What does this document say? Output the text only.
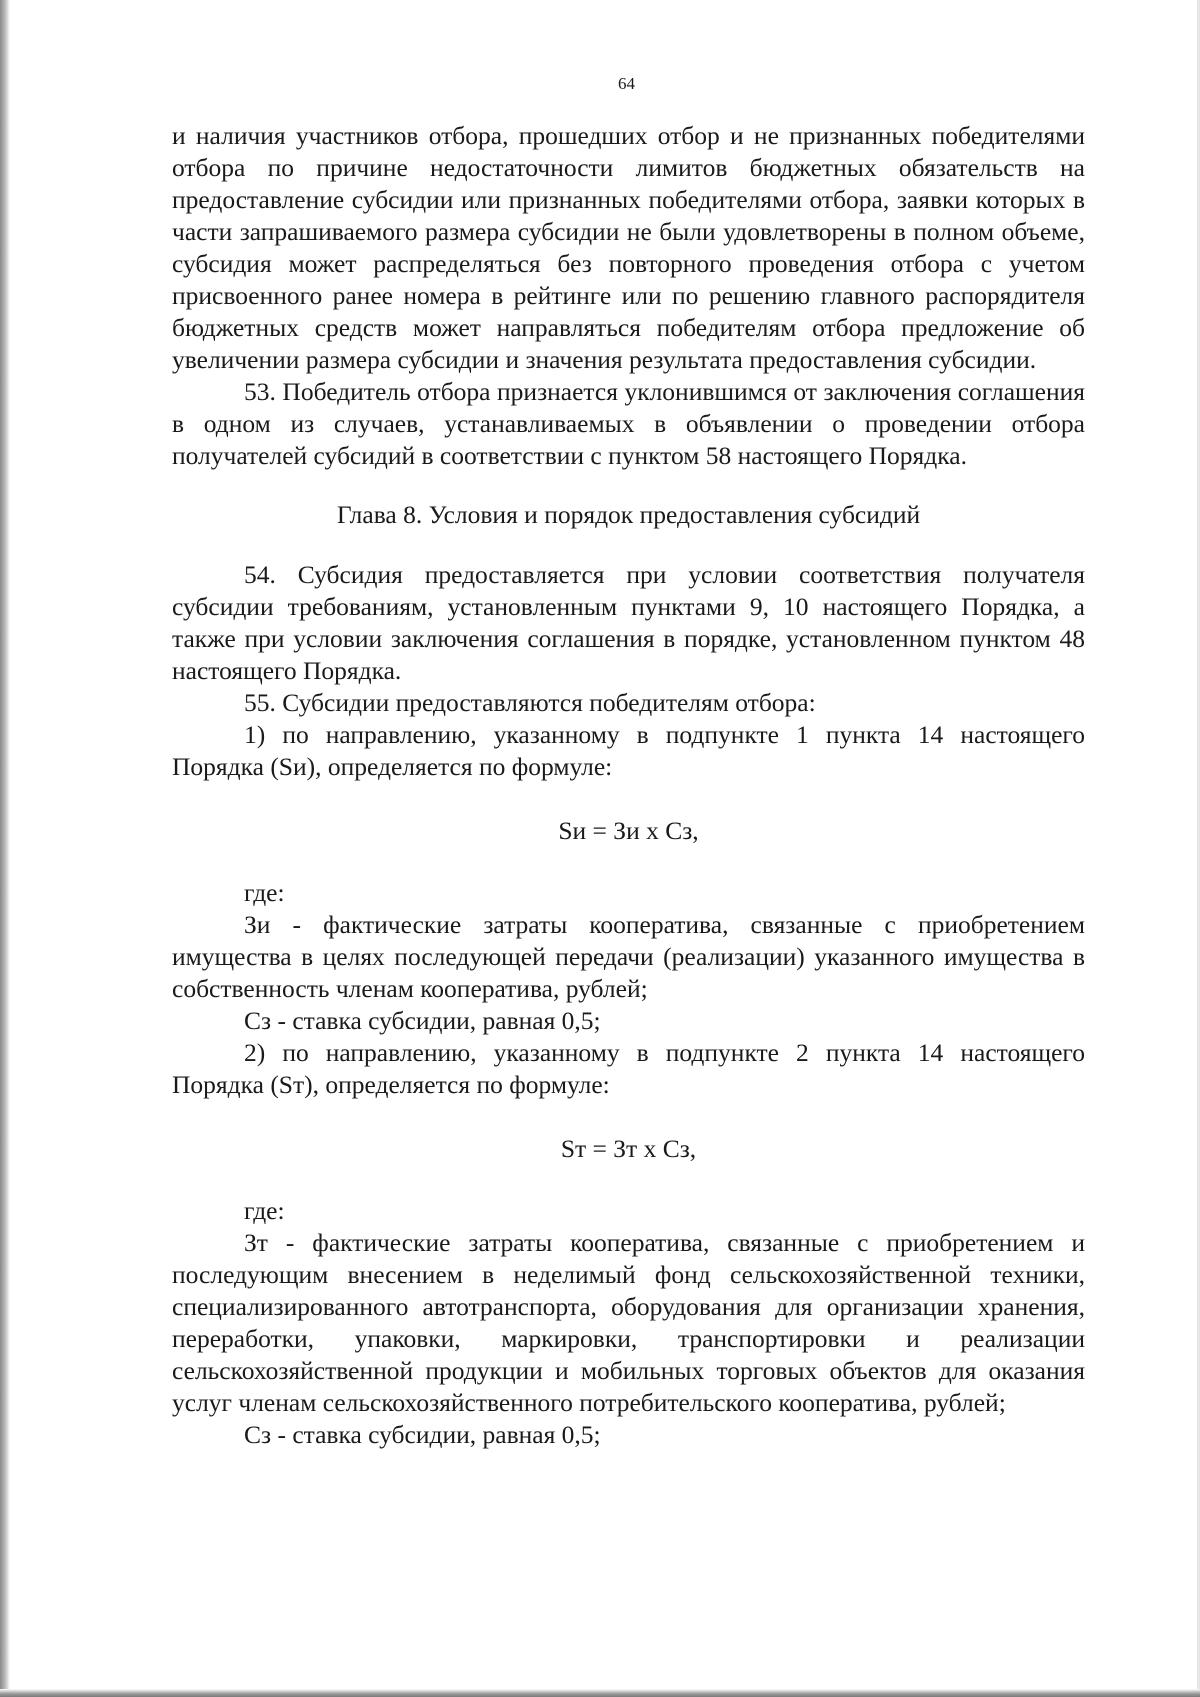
64

и наличия участников отбора, прошедших отбор и не признанных победителями отбора по причине недостаточности лимитов бюджетных обязательств на предоставление субсидии или признанных победителями отбора, заявки которых в части запрашиваемого размера субсидии не были удовлетворены в полном объеме, субсидия может распределяться без повторного проведения отбора с учетом присвоенного ранее номера в рейтинге или по решению главного распорядителя бюджетных средств может направляться победителям отбора предложение об увеличении размера субсидии и значения результата предоставления субсидии.

53. Победитель отбора признается уклонившимся от заключения соглашения в одном из случаев, устанавливаемых в объявлении о проведении отбора получателей субсидий в соответствии с пунктом 58 настоящего Порядка.

Глава 8. Условия и порядок предоставления субсидий

54. Субсидия предоставляется при условии соответствия получателя субсидии требованиям, установленным пунктами 9, 10 настоящего Порядка, а также при условии заключения соглашения в порядке, установленном пунктом 48 настоящего Порядка.

55. Субсидии предоставляются победителям отбора:

1) по направлению, указанному в подпункте 1 пункта 14 настоящего Порядка (Sи), определяется по формуле:

Sи = Зи х Сз,

где:

Зи - фактические затраты кооператива, связанные с приобретением имущества в целях последующей передачи (реализации) указанного имущества в собственность членам кооператива, рублей;

Сз - ставка субсидии, равная 0,5;

2) по направлению, указанному в подпункте 2 пункта 14 настоящего Порядка (Sт), определяется по формуле:

Sт = Зт х Сз,

где:

Зт - фактические затраты кооператива, связанные с приобретением и последующим внесением в неделимый фонд сельскохозяйственной техники, специализированного автотранспорта, оборудования для организации хранения, переработки, упаковки, маркировки, транспортировки и реализации сельскохозяйственной продукции и мобильных торговых объектов для оказания услуг членам сельскохозяйственного потребительского кооператива, рублей;

Сз - ставка субсидии, равная 0,5;
